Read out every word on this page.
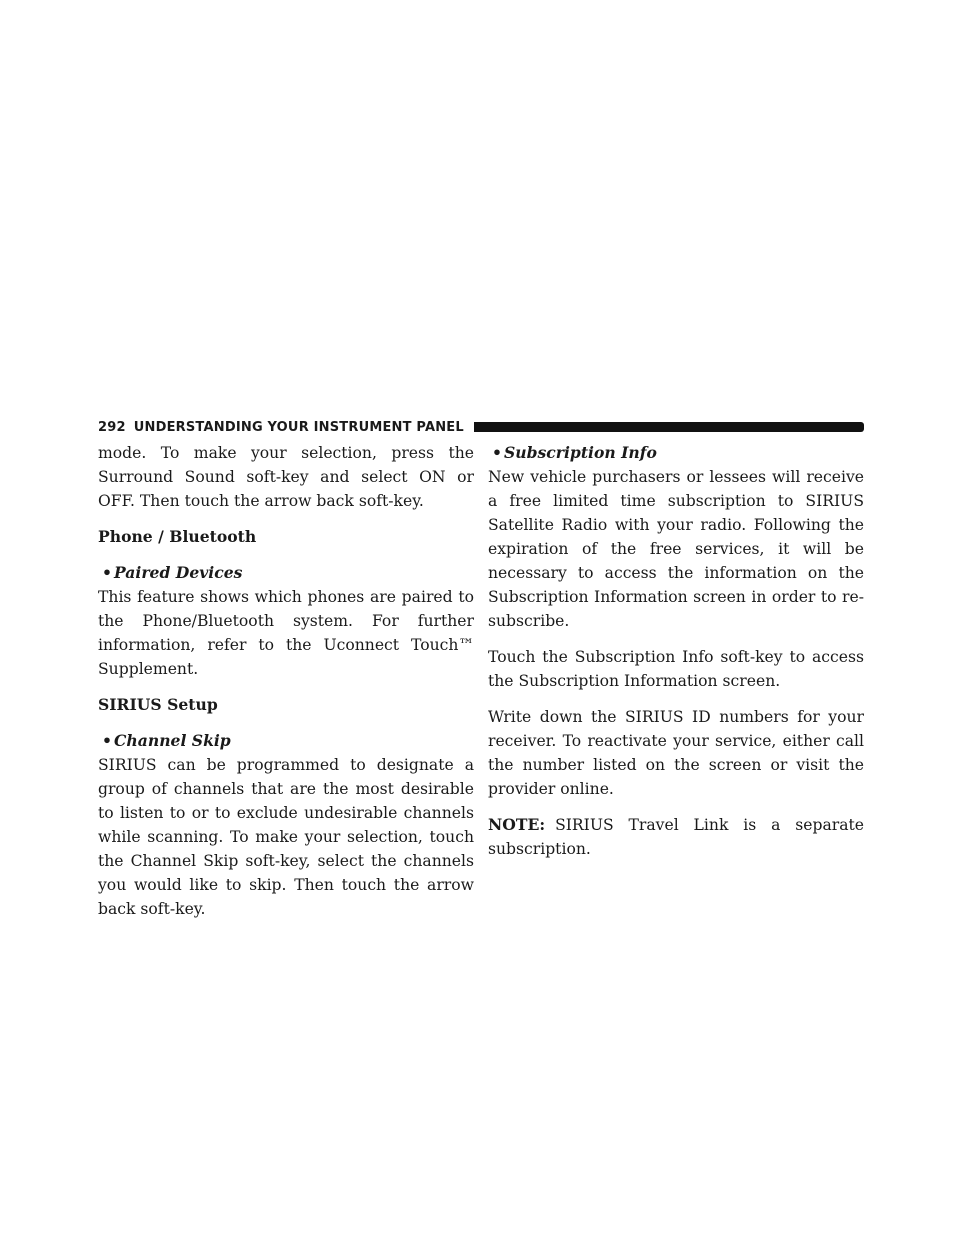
292 UNDERSTANDING YOUR INSTRUMENT PANEL

mode. To make your selection, press the Surround Sound soft-key and select ON or OFF. Then touch the arrow back soft-key.

Phone / Bluetooth
• Paired Devices

This feature shows which phones are paired to the Phone/Bluetooth system. For further information, refer to the Uconnect Touch™ Supplement.

SIRIUS Setup
• Channel Skip

SIRIUS can be programmed to designate a group of channels that are the most desirable to listen to or to exclude undesirable channels while scanning. To make your selection, touch the Channel Skip soft-key, select the channels you would like to skip. Then touch the arrow back soft-key.

• Subscription Info

New vehicle purchasers or lessees will receive a free limited time subscription to SIRIUS Satellite Radio with your radio. Following the expiration of the free services, it will be necessary to access the information on the Subscription Information screen in order to re-subscribe.

Touch the Subscription Info soft-key to access the Subscription Information screen.

Write down the SIRIUS ID numbers for your receiver. To reactivate your service, either call the number listed on the screen or visit the provider online.

NOTE: SIRIUS Travel Link is a separate subscription.
